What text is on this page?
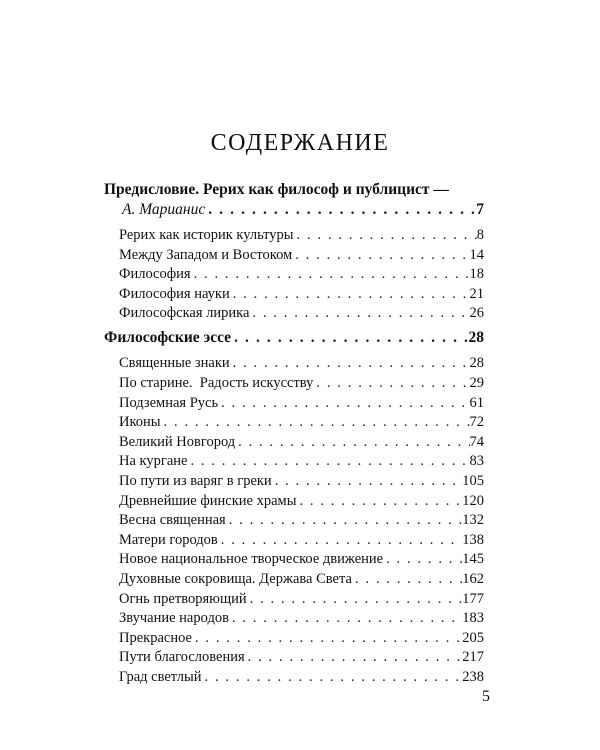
СОДЕРЖАНИЕ
Предисловие. Рерих как философ и публицист —
А. Марианис . . .	7
Рерих как историк культуры . . .	8
Между Западом и Востоком . . .	14
Философия . . .	18
Философия науки . . .	21
Философская лирика . . .	26
Философские эссе . . .	28
Священные знаки . . .	28
По старине.  Радость искусству . . .	29
Подземная Русь . . .	61
Иконы . . .	72
Великий Новгород . . .	74
На кургане . . .	83
По пути из варяг в греки . . .	105
Древнейшие финские храмы . . .	120
Весна священная . . .	132
Матери городов . . .	138
Новое национальное творческое движение . . .	145
Духовные сокровища. Держава Света . . .	162
Огнь претворяющий . . .	177
Звучание народов . . .	183
Прекрасное . . .	205
Пути благословения . . .	217
Град светлый . . .	238
5
